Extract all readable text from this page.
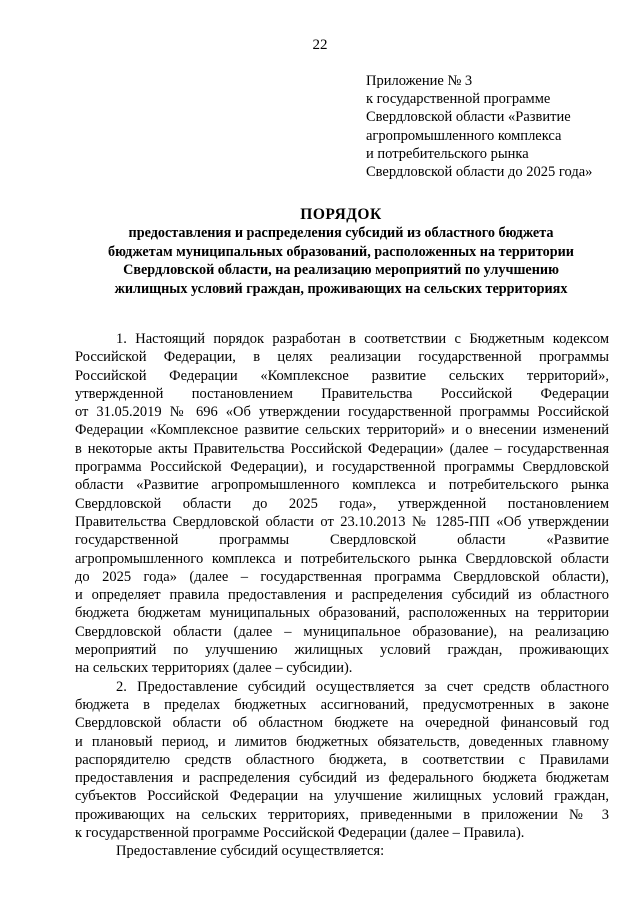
22
Приложение № 3
к государственной программе
Свердловской области «Развитие
агропромышленного комплекса
и потребительского рынка
Свердловской области до 2025 года»
ПОРЯДОК
предоставления и распределения субсидий из областного бюджета
бюджетам муниципальных образований, расположенных на территории
Свердловской области, на реализацию мероприятий по улучшению
жилищных условий граждан, проживающих на сельских территориях
1. Настоящий порядок разработан в соответствии с Бюджетным кодексом
Российской Федерации, в целях реализации государственной программы
Российской Федерации «Комплексное развитие сельских территорий»,
утвержденной постановлением Правительства Российской Федерации
от 31.05.2019 № 696 «Об утверждении государственной программы Российской
Федерации «Комплексное развитие сельских территорий» и о внесении изменений
в некоторые акты Правительства Российской Федерации» (далее – государственная
программа Российской Федерации), и государственной программы Свердловской
области «Развитие агропромышленного комплекса и потребительского рынка
Свердловской области до 2025 года», утвержденной постановлением
Правительства Свердловской области от 23.10.2013 № 1285-ПП «Об утверждении
государственной программы Свердловской области «Развитие
агропромышленного комплекса и потребительского рынка Свердловской области
до 2025 года» (далее – государственная программа Свердловской области),
и определяет правила предоставления и распределения субсидий из областного
бюджета бюджетам муниципальных образований, расположенных на территории
Свердловской области (далее – муниципальное образование), на реализацию
мероприятий по улучшению жилищных условий граждан, проживающих
на сельских территориях (далее – субсидии).
2. Предоставление субсидий осуществляется за счет средств областного
бюджета в пределах бюджетных ассигнований, предусмотренных в законе
Свердловской области об областном бюджете на очередной финансовый год
и плановый период, и лимитов бюджетных обязательств, доведенных главному
распорядителю средств областного бюджета, в соответствии с Правилами
предоставления и распределения субсидий из федерального бюджета бюджетам
субъектов Российской Федерации на улучшение жилищных условий граждан,
проживающих на сельских территориях, приведенными в приложении № 3
к государственной программе Российской Федерации (далее – Правила).
Предоставление субсидий осуществляется:
